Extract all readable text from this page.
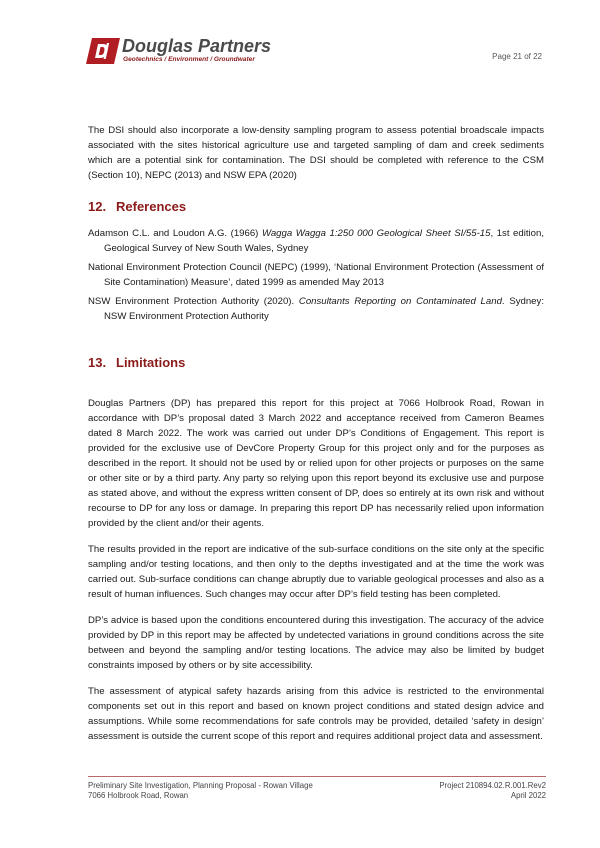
Douglas Partners
Geotechnics / Environment / Groundwater	Page 21 of 22

The DSI should also incorporate a low-density sampling program to assess potential broadscale impacts associated with the sites historical agriculture use and targeted sampling of dam and creek sediments which are a potential sink for contamination. The DSI should be completed with reference to the CSM (Section 10), NEPC (2013) and NSW EPA (2020)

12. References
Adamson C.L. and Loudon A.G. (1966) Wagga Wagga 1:250 000 Geological Sheet SI/55-15, 1st edition, Geological Survey of New South Wales, Sydney
National Environment Protection Council (NEPC) (1999), ‘National Environment Protection (Assessment of Site Contamination) Measure’, dated 1999 as amended May 2013
NSW Environment Protection Authority (2020). Consultants Reporting on Contaminated Land. Sydney: NSW Environment Protection Authority
13. Limitations

Douglas Partners (DP) has prepared this report for this project at 7066 Holbrook Road, Rowan in accordance with DP’s proposal dated 3 March 2022 and acceptance received from Cameron Beames dated 8 March 2022. The work was carried out under DP’s Conditions of Engagement. This report is provided for the exclusive use of DevCore Property Group for this project only and for the purposes as described in the report. It should not be used by or relied upon for other projects or purposes on the same or other site or by a third party. Any party so relying upon this report beyond its exclusive use and purpose as stated above, and without the express written consent of DP, does so entirely at its own risk and without recourse to DP for any loss or damage. In preparing this report DP has necessarily relied upon information provided by the client and/or their agents.

The results provided in the report are indicative of the sub-surface conditions on the site only at the specific sampling and/or testing locations, and then only to the depths investigated and at the time the work was carried out. Sub-surface conditions can change abruptly due to variable geological processes and also as a result of human influences. Such changes may occur after DP’s field testing has been completed.

DP’s advice is based upon the conditions encountered during this investigation. The accuracy of the advice provided by DP in this report may be affected by undetected variations in ground conditions across the site between and beyond the sampling and/or testing locations. The advice may also be limited by budget constraints imposed by others or by site accessibility.

The assessment of atypical safety hazards arising from this advice is restricted to the environmental components set out in this report and based on known project conditions and stated design advice and assumptions. While some recommendations for safe controls may be provided, detailed ‘safety in design’ assessment is outside the current scope of this report and requires additional project data and assessment.

Preliminary Site Investigation, Planning Proposal - Rowan Village
7066 Holbrook Road, Rowan
Project 210894.02.R.001.Rev2
April 2022
